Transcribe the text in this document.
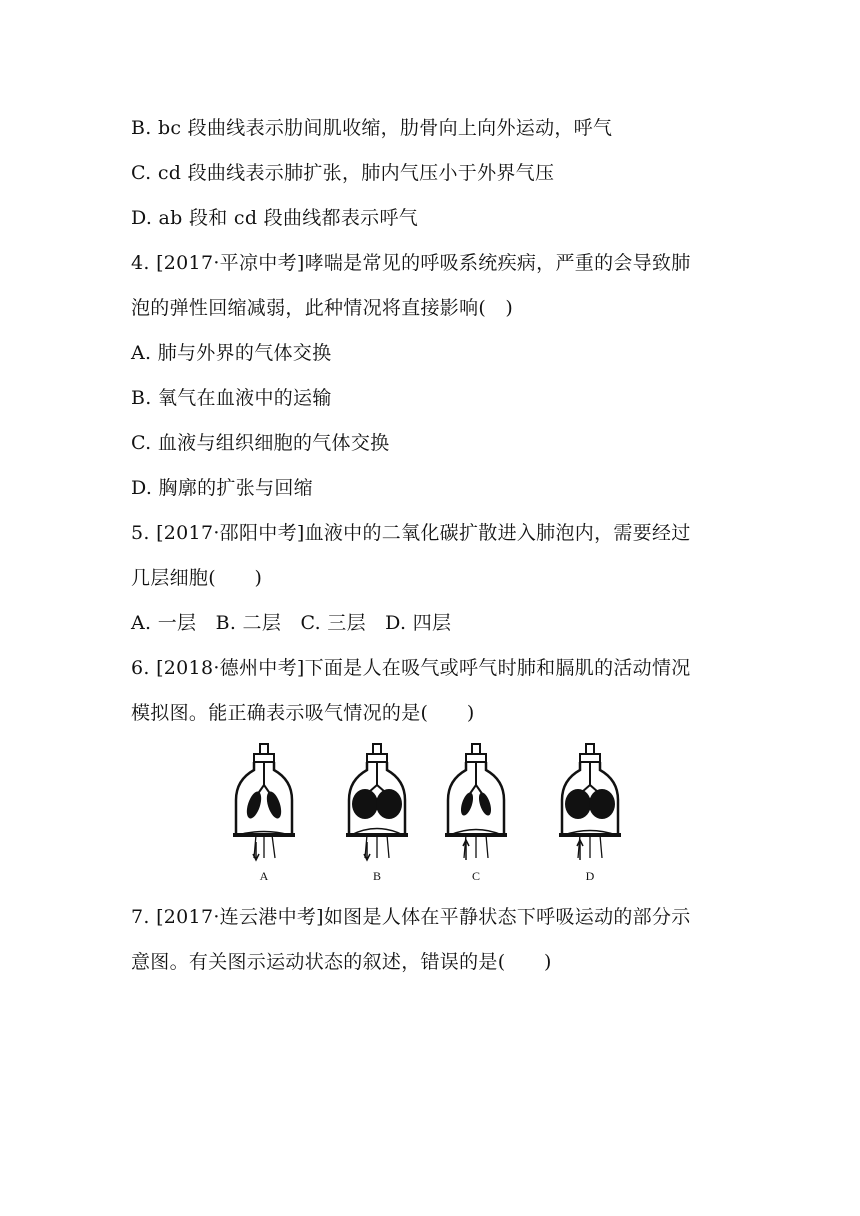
B. bc 段曲线表示肋间肌收缩，肋骨向上向外运动，呼气
C. cd 段曲线表示肺扩张，肺内气压小于外界气压
D. ab 段和 cd 段曲线都表示呼气
4. [2017·平凉中考]哮喘是常见的呼吸系统疾病，严重的会导致肺
泡的弹性回缩减弱，此种情况将直接影响(　)
A. 肺与外界的气体交换
B. 氧气在血液中的运输
C. 血液与组织细胞的气体交换
D. 胸廓的扩张与回缩
5. [2017·邵阳中考]血液中的二氧化碳扩散进入肺泡内，需要经过
几层细胞(　　)
A. 一层　B. 二层　C. 三层　D. 四层
6. [2018·德州中考]下面是人在吸气或呼气时肺和膈肌的活动情况
模拟图。能正确表示吸气情况的是(　　)
A	B	C	D
7. [2017·连云港中考]如图是人体在平静状态下呼吸运动的部分示
意图。有关图示运动状态的叙述，错误的是(　　)
